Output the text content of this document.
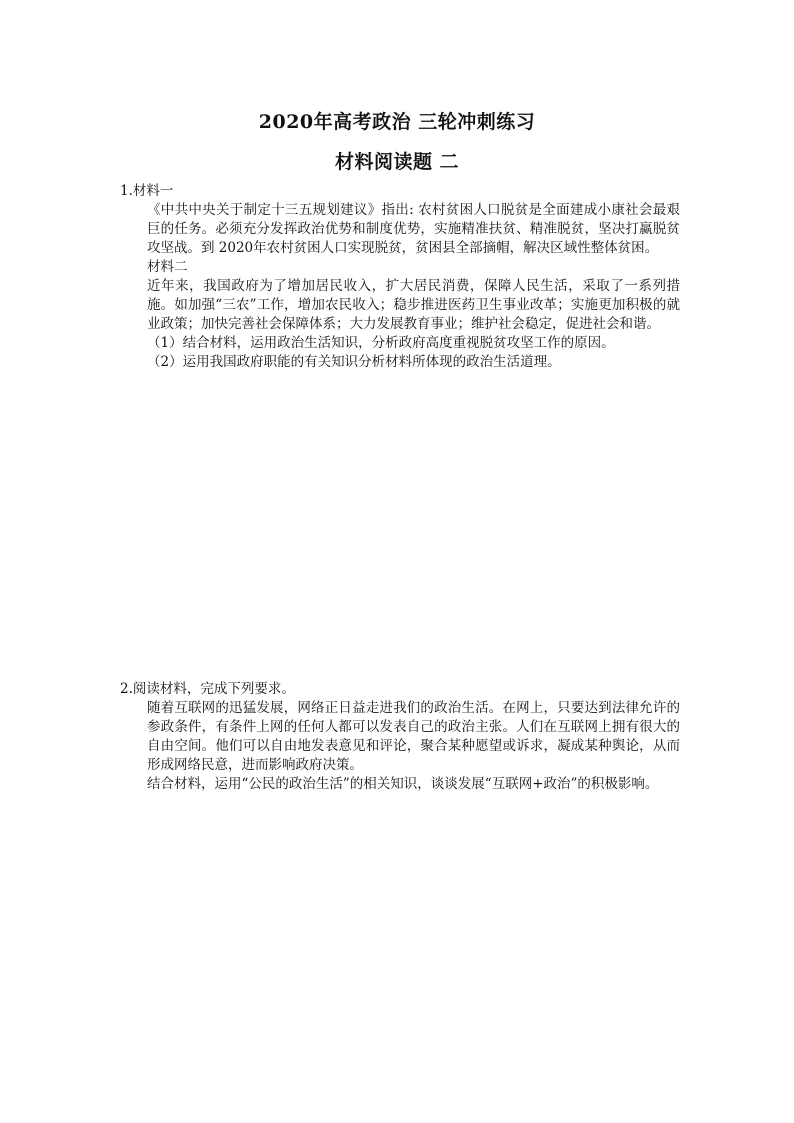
2020年高考政治 三轮冲刺练习
材料阅读题 二

1.材料一

《中共中央关于制定十三五规划建议》指出: 农村贫困人口脱贫是全面建成小康社会最艰巨的任务。必须充分发挥政治优势和制度优势，实施精准扶贫、精准脱贫，坚决打赢脱贫攻坚战。到 2020年农村贫困人口实现脱贫，贫困县全部摘帽，解决区域性整体贫困。

材料二

近年来，我国政府为了增加居民收入，扩大居民消费，保障人民生活，采取了一系列措施。如加强“三农”工作，增加农民收入；稳步推进医药卫生事业改革；实施更加积极的就业政策；加快完善社会保障体系；大力发展教育事业；维护社会稳定，促进社会和谐。

（1）结合材料，运用政治生活知识，分析政府高度重视脱贫攻坚工作的原因。

（2）运用我国政府职能的有关知识分析材料所体现的政治生活道理。

2.阅读材料，完成下列要求。

随着互联网的迅猛发展，网络正日益走进我们的政治生活。在网上，只要达到法律允许的参政条件，有条件上网的任何人都可以发表自己的政治主张。人们在互联网上拥有很大的自由空间。他们可以自由地发表意见和评论，聚合某种愿望或诉求，凝成某种舆论，从而形成网络民意，进而影响政府决策。

结合材料，运用“公民的政治生活”的相关知识，谈谈发展“互联网+政治”的积极影响。
